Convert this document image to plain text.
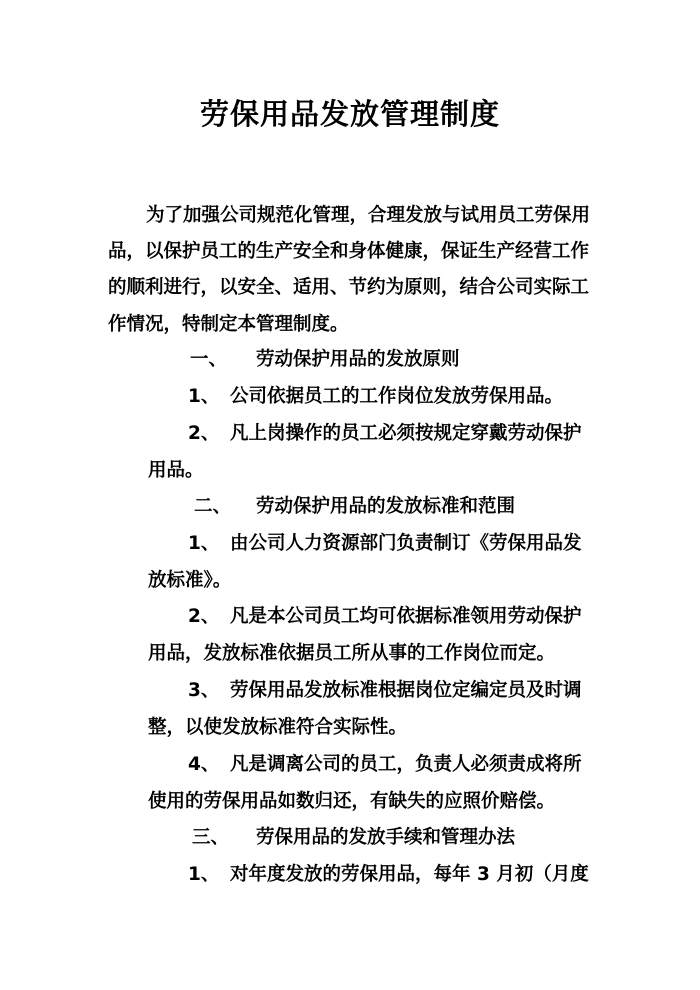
劳保用品发放管理制度
为了加强公司规范化管理，合理发放与试用员工劳保用
品，以保护员工的生产安全和身体健康，保证生产经营工作
的顺利进行，以安全、适用、节约为原则，结合公司实际工
作情况，特制定本管理制度。
一、 劳动保护用品的发放原则
1、 公司依据员工的工作岗位发放劳保用品。
2、 凡上岗操作的员工必须按规定穿戴劳动保护
用品。
二、 劳动保护用品的发放标准和范围
1、 由公司人力资源部门负责制订《劳保用品发
放标准》。
2、 凡是本公司员工均可依据标准领用劳动保护
用品，发放标准依据员工所从事的工作岗位而定。
3、 劳保用品发放标准根据岗位定编定员及时调
整，以使发放标准符合实际性。
4、 凡是调离公司的员工，负责人必须责成将所
使用的劳保用品如数归还，有缺失的应照价赔偿。
三、 劳保用品的发放手续和管理办法
1、 对年度发放的劳保用品，每年 3 月初（月度
